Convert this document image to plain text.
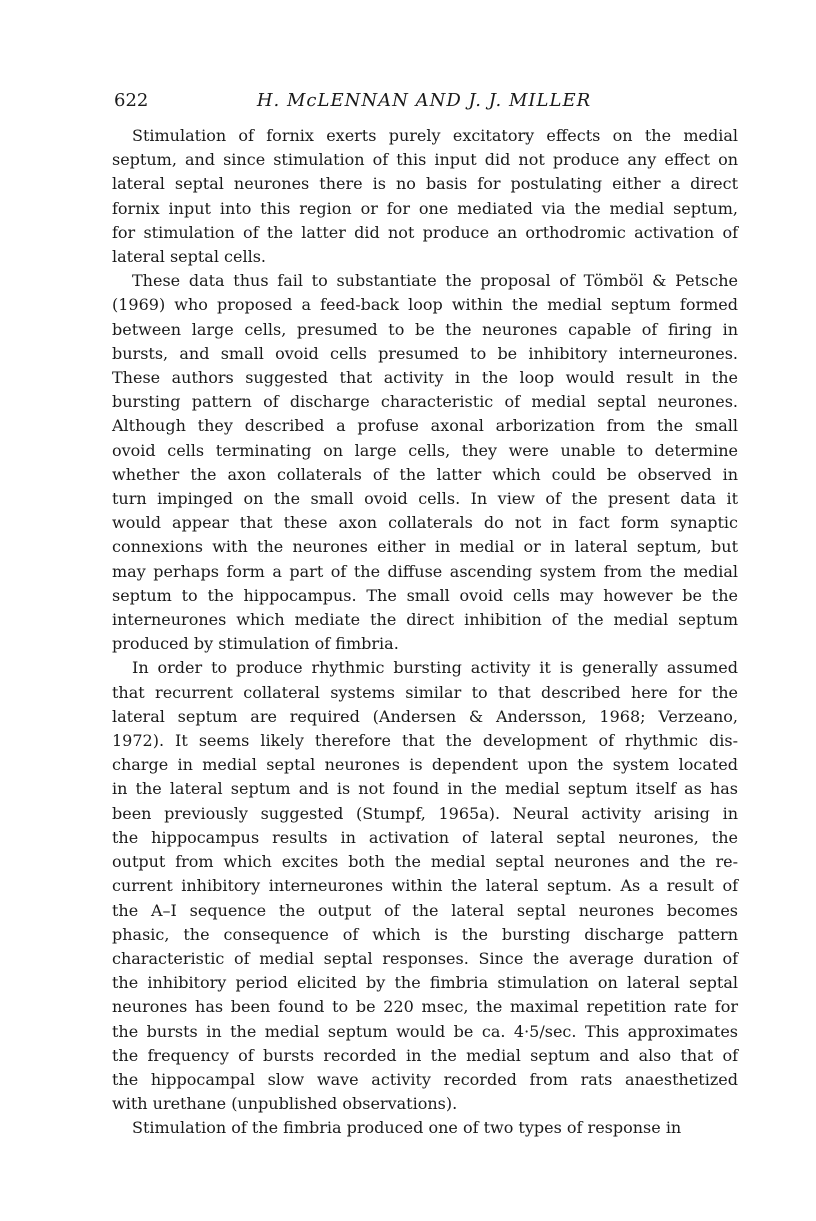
622	H. McLENNAN AND J. J. MILLER
Stimulation of fornix exerts purely excitatory effects on the medial
septum, and since stimulation of this input did not produce any effect on
lateral septal neurones there is no basis for postulating either a direct
fornix input into this region or for one mediated via the medial septum,
for stimulation of the latter did not produce an orthodromic activation of
lateral septal cells.
These data thus fail to substantiate the proposal of Tömböl & Petsche
(1969) who proposed a feed-back loop within the medial septum formed
between large cells, presumed to be the neurones capable of firing in
bursts, and small ovoid cells presumed to be inhibitory interneurones.
These authors suggested that activity in the loop would result in the
bursting pattern of discharge characteristic of medial septal neurones.
Although they described a profuse axonal arborization from the small
ovoid cells terminating on large cells, they were unable to determine
whether the axon collaterals of the latter which could be observed in
turn impinged on the small ovoid cells. In view of the present data it
would appear that these axon collaterals do not in fact form synaptic
connexions with the neurones either in medial or in lateral septum, but
may perhaps form a part of the diffuse ascending system from the medial
septum to the hippocampus. The small ovoid cells may however be the
interneurones which mediate the direct inhibition of the medial septum
produced by stimulation of fimbria.
In order to produce rhythmic bursting activity it is generally assumed
that recurrent collateral systems similar to that described here for the
lateral septum are required (Andersen & Andersson, 1968; Verzeano,
1972). It seems likely therefore that the development of rhythmic dis-
charge in medial septal neurones is dependent upon the system located
in the lateral septum and is not found in the medial septum itself as has
been previously suggested (Stumpf, 1965a). Neural activity arising in
the hippocampus results in activation of lateral septal neurones, the
output from which excites both the medial septal neurones and the re-
current inhibitory interneurones within the lateral septum. As a result of
the A–I sequence the output of the lateral septal neurones becomes
phasic, the consequence of which is the bursting discharge pattern
characteristic of medial septal responses. Since the average duration of
the inhibitory period elicited by the fimbria stimulation on lateral septal
neurones has been found to be 220 msec, the maximal repetition rate for
the bursts in the medial septum would be ca. 4·5/sec. This approximates
the frequency of bursts recorded in the medial septum and also that of
the hippocampal slow wave activity recorded from rats anaesthetized
with urethane (unpublished observations).
Stimulation of the fimbria produced one of two types of response in
